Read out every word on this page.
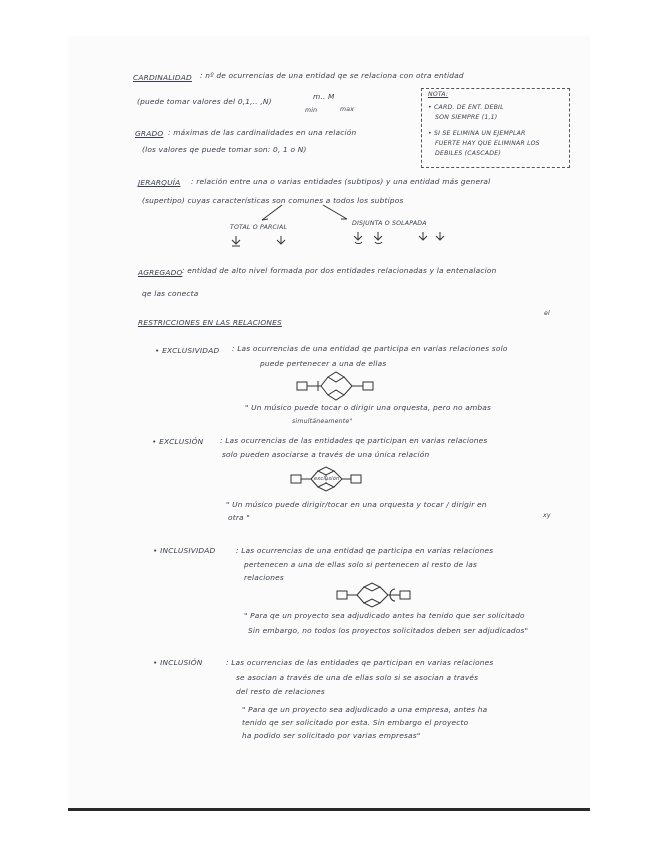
CARDINALIDAD : nº de ocurrencias de una entidad qe se relaciona con otra entidad
(puede tomar valores del 0,1,.. ,N)
m.. M
min	max
NOTA:
• CARD. DE ENT. DEBIL
SON SIEMPRE (1,1)
• SI SE ELIMINA UN EJEMPLAR
FUERTE HAY QUE ELIMINAR LOS
DEBILES (CASCADE)
GRADO : máximas de las cardinalidades en una relación
(los valores qe puede tomar son: 0, 1 o N)
JERARQUÍA : relación entre una o varias entidades (subtipos) y una entidad más general
(supertipo) cuyas características son comunes a todos los subtipos
TOTAL O PARCIAL
DISJUNTA O SOLAPADA
AGREGADO : entidad de alto nivel formada por dos entidades relacionadas y la entenalacion
qe las conecta
RESTRICCIONES EN LAS RELACIONES
el
• EXCLUSIVIDAD : Las ocurrencias de una entidad qe participa en varias relaciones solo
puede pertenecer a una de ellas
" Un músico puede tocar o dirigir una orquesta, pero no ambas
simultáneamente"
• EXCLUSIÓN : Las ocurrencias de las entidades qe participan en varias relaciones
solo pueden asociarse a través de una única relación
exclusión
" Un músico puede dirigir/tocar en una orquesta y tocar / dirigir en
otra "	xy
• INCLUSIVIDAD	: Las ocurrencias de una entidad qe participa en varias relaciones
pertenecen a una de ellas solo si pertenecen al resto de las
relaciones
" Para qe un proyecto sea adjudicado antes ha tenido que ser solicitado
Sin embargo, no todos los proyectos solicitados deben ser adjudicados"
• INCLUSIÓN	: Las ocurrencias de las entidades qe participan en varias relaciones
se asocian a través de una de ellas solo si se asocian a través
del resto de relaciones
" Para qe un proyecto sea adjudicado a una empresa, antes ha
tenido qe ser solicitado por esta. Sin embargo el proyecto
ha podido ser solicitado por varias empresas"
